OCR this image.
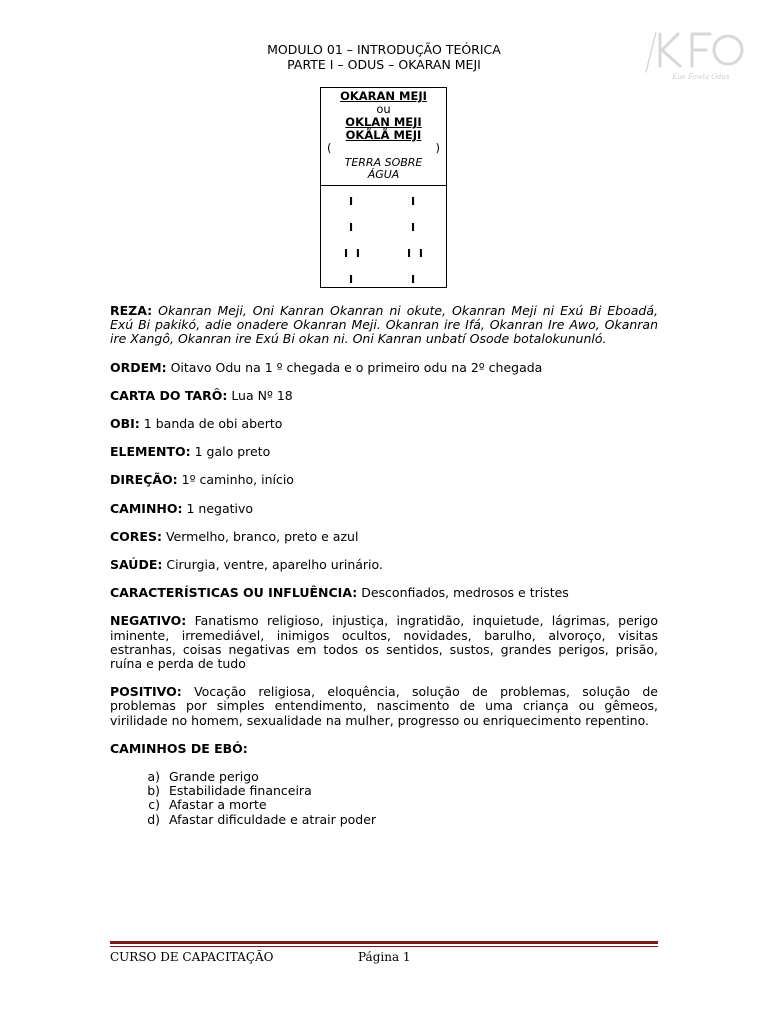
MODULO 01 – INTRODUÇÃO TEÓRICA
PARTE I – ODUS – OKARAN MEJI
Kue Fowla Odus
OKARAN MEJI
ou
OKLAN MEJI
OKÃLÃ MEJI
(	)
TERRA SOBRE
ÁGUA
I	I
I	I
I I	I I
I	I

REZA: Okanran Meji, Oni Kanran Okanran ni okute, Okanran Meji ni Exú Bi Eboadá, Exú Bi pakikó, adie onadere Okanran Meji. Okanran ire Ifá, Okanran Ire Awo, Okanran ire Xangô, Okanran ire Exú Bi okan ni. Oni Kanran unbatí Osode botalokununló.

ORDEM: Oitavo Odu na 1 º chegada e o primeiro odu na 2º chegada

CARTA DO TARÔ: Lua Nº 18

OBI: 1 banda de obi aberto

ELEMENTO: 1 galo preto

DIREÇÃO: 1º caminho, início

CAMINHO: 1 negativo

CORES: Vermelho, branco, preto e azul

SAÚDE: Cirurgia, ventre, aparelho urinário.

CARACTERÍSTICAS OU INFLUÊNCIA: Desconfiados, medrosos e tristes

NEGATIVO: Fanatismo religioso, injustiça, ingratidão, inquietude, lágrimas, perigo iminente, irremediável, inimigos ocultos, novidades, barulho, alvoroço, visitas estranhas, coisas negativas em todos os sentidos, sustos, grandes perigos, prisão, ruína e perda de tudo

POSITIVO: Vocação religiosa, eloquência, solução de problemas, solução de problemas por simples entendimento, nascimento de uma criança ou gêmeos, virilidade no homem, sexualidade na mulher, progresso ou enriquecimento repentino.

CAMINHOS DE EBÓ:

a) Grande perigo
b) Estabilidade financeira
c) Afastar a morte
d) Afastar dificuldade e atrair poder
CURSO DE CAPACITAÇÃO	Página 1
